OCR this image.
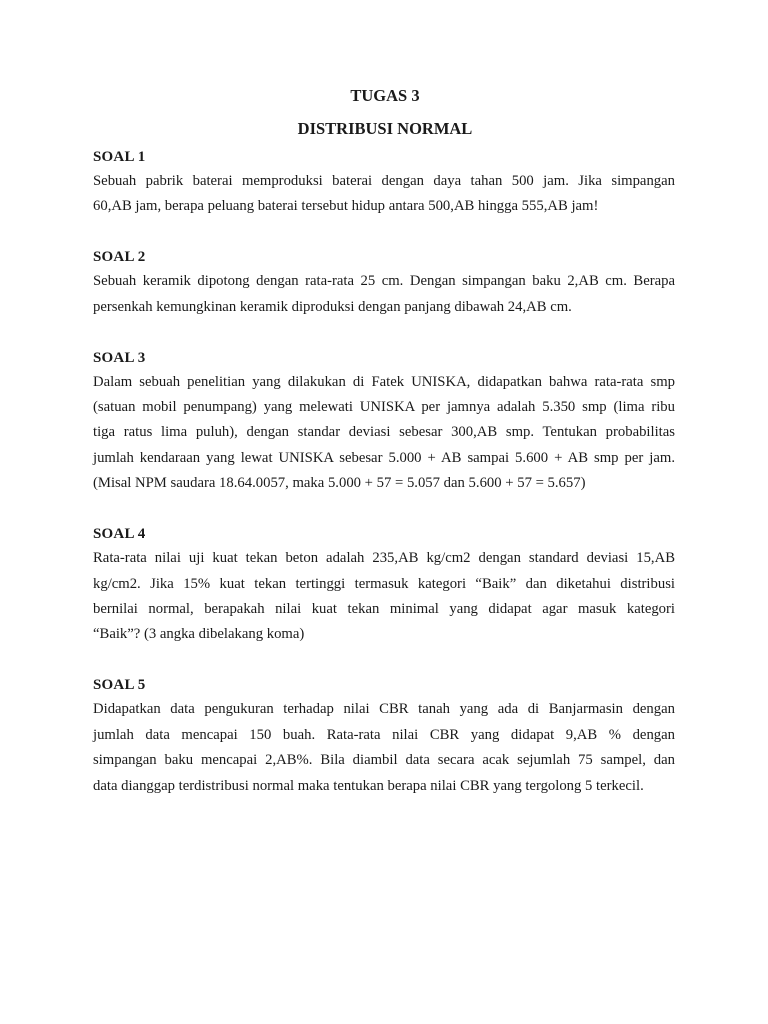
TUGAS 3
DISTRIBUSI NORMAL

SOAL 1

Sebuah pabrik baterai memproduksi baterai dengan daya tahan 500 jam. Jika simpangan
60,AB jam, berapa peluang baterai tersebut hidup antara 500,AB hingga 555,AB jam!

SOAL 2

Sebuah keramik dipotong dengan rata-rata 25 cm. Dengan simpangan baku 2,AB cm. Berapa
persenkah kemungkinan keramik diproduksi dengan panjang dibawah 24,AB cm.

SOAL 3

Dalam sebuah penelitian yang dilakukan di Fatek UNISKA, didapatkan bahwa rata-rata smp
(satuan mobil penumpang) yang melewati UNISKA per jamnya adalah 5.350 smp (lima ribu
tiga ratus lima puluh), dengan standar deviasi sebesar 300,AB smp. Tentukan probabilitas
jumlah kendaraan yang lewat UNISKA sebesar 5.000 + AB sampai 5.600 + AB smp per jam.
(Misal NPM saudara 18.64.0057, maka 5.000 + 57 = 5.057 dan 5.600 + 57 = 5.657)

SOAL 4

Rata-rata nilai uji kuat tekan beton adalah 235,AB kg/cm2 dengan standard deviasi 15,AB
kg/cm2. Jika 15% kuat tekan tertinggi termasuk kategori “Baik” dan diketahui distribusi
bernilai normal, berapakah nilai kuat tekan minimal yang didapat agar masuk kategori
“Baik”? (3 angka dibelakang koma)

SOAL 5

Didapatkan data pengukuran terhadap nilai CBR tanah yang ada di Banjarmasin dengan
jumlah data mencapai 150 buah. Rata-rata nilai CBR yang didapat 9,AB % dengan
simpangan baku mencapai 2,AB%. Bila diambil data secara acak sejumlah 75 sampel, dan
data dianggap terdistribusi normal maka tentukan berapa nilai CBR yang tergolong 5 terkecil.
